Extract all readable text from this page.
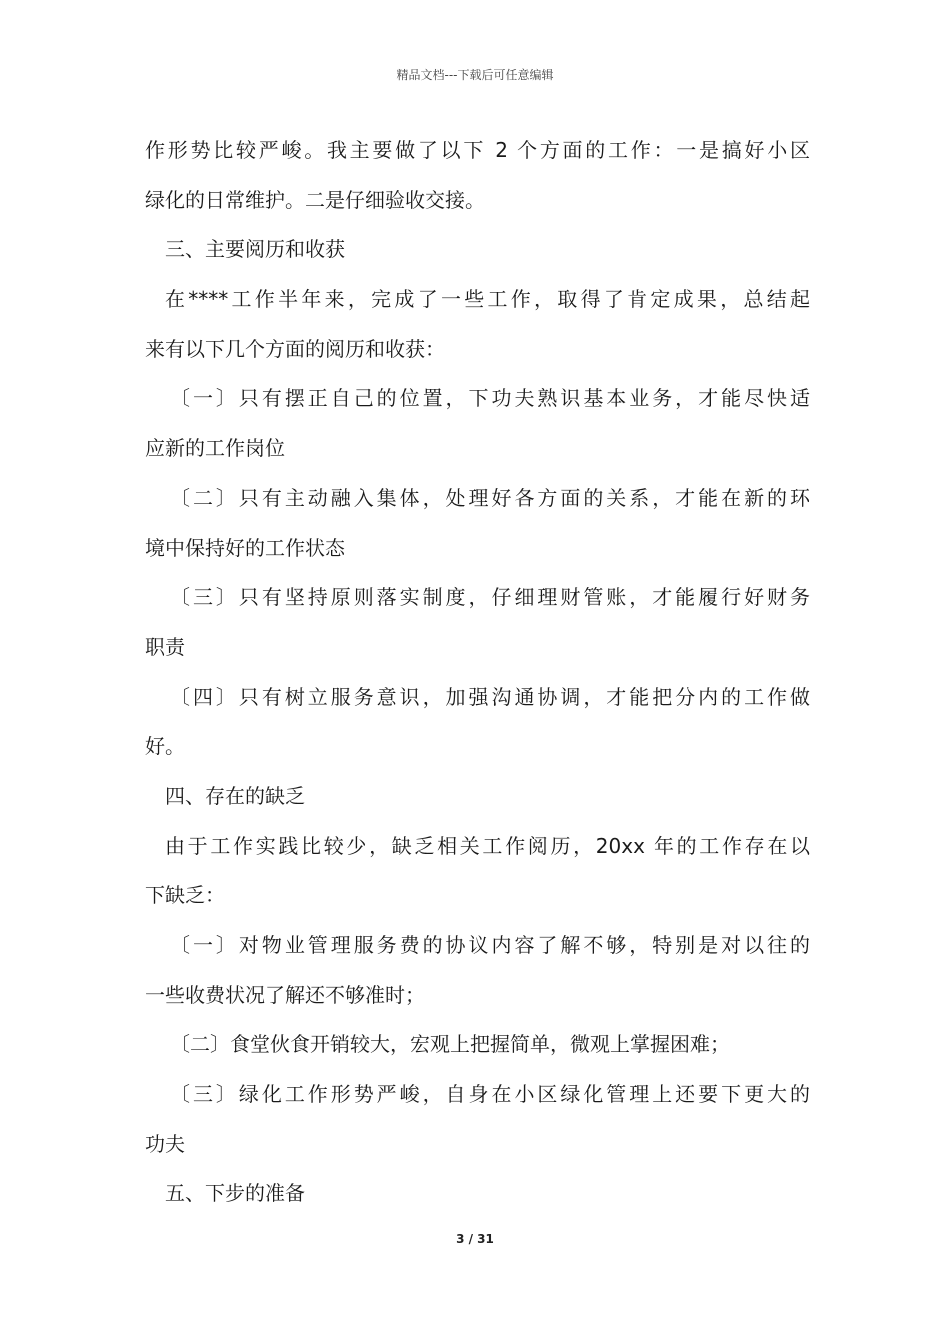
精品文档---下载后可任意编辑
作形势比较严峻。我主要做了以下 2 个方面的工作：一是搞好小区
绿化的日常维护。二是仔细验收交接。
三、主要阅历和收获
在****工作半年来，完成了一些工作，取得了肯定成果，总结起
来有以下几个方面的阅历和收获：
〔一〕只有摆正自己的位置，下功夫熟识基本业务，才能尽快适
应新的工作岗位
〔二〕只有主动融入集体，处理好各方面的关系，才能在新的环
境中保持好的工作状态
〔三〕只有坚持原则落实制度，仔细理财管账，才能履行好财务
职责
〔四〕只有树立服务意识，加强沟通协调，才能把分内的工作做
好。
四、存在的缺乏
由于工作实践比较少，缺乏相关工作阅历，20xx 年的工作存在以
下缺乏：
〔一〕对物业管理服务费的协议内容了解不够，特别是对以往的
一些收费状况了解还不够准时；
〔二〕食堂伙食开销较大，宏观上把握简单，微观上掌握困难；
〔三〕绿化工作形势严峻，自身在小区绿化管理上还要下更大的
功夫
五、下步的准备
3 / 31
